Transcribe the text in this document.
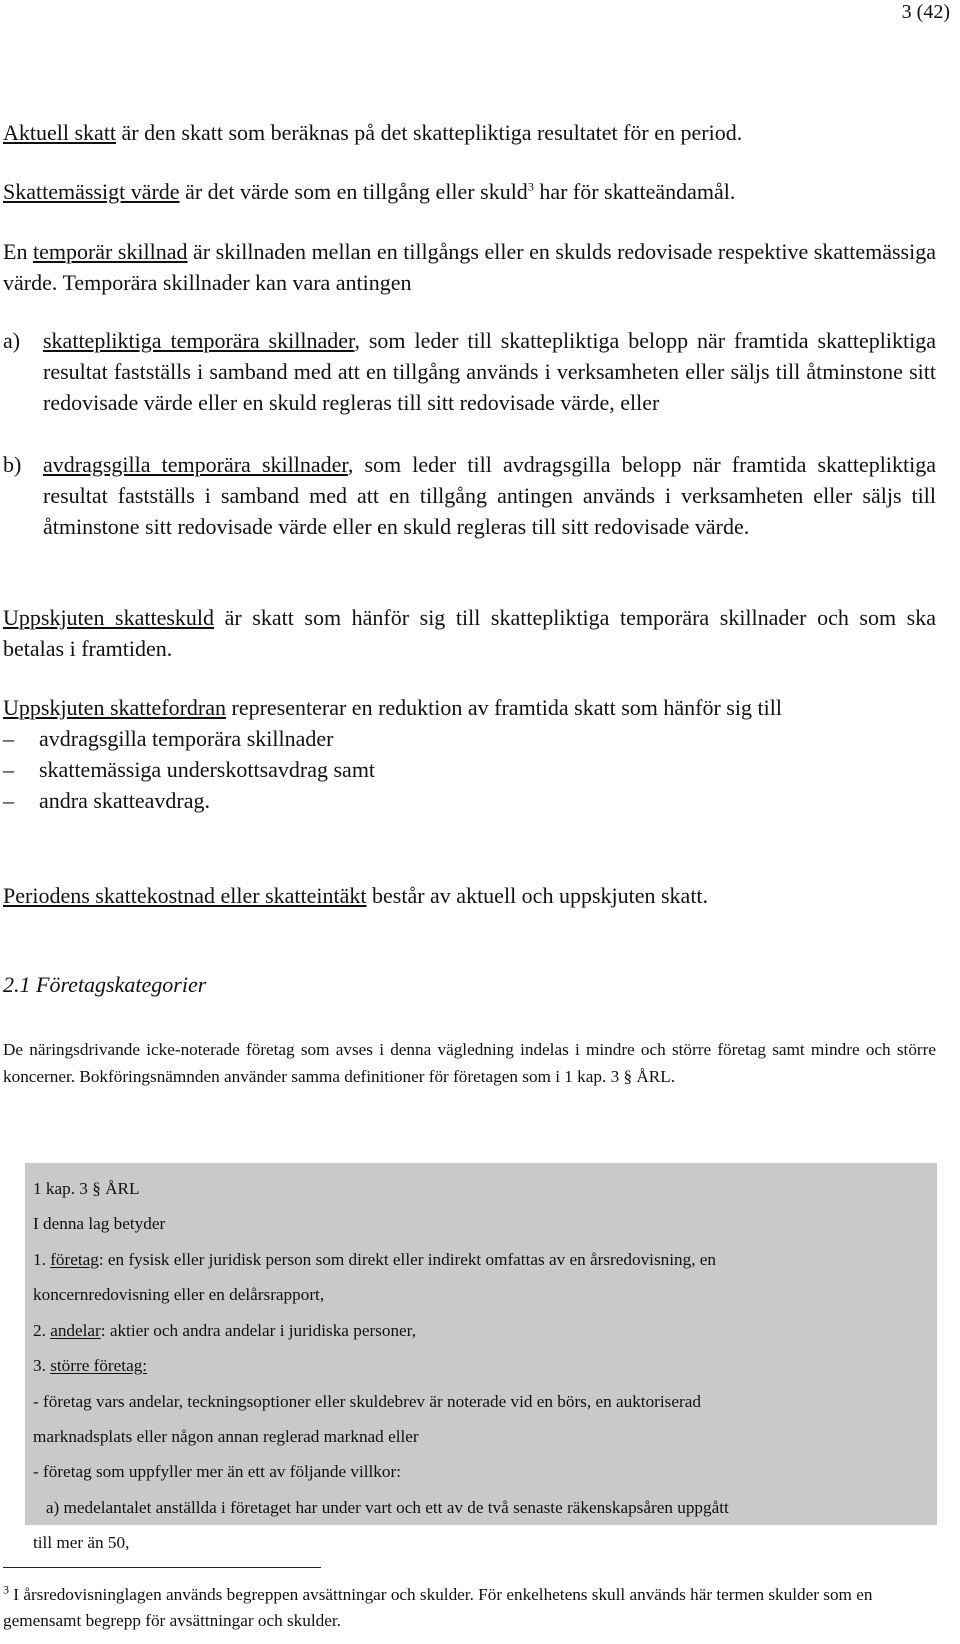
3 (42)

Aktuell skatt är den skatt som beräknas på det skattepliktiga resultatet för en period.

Skattemässigt värde är det värde som en tillgång eller skuld$^3$ har för skatteändamål.

En temporär skillnad är skillnaden mellan en tillgångs eller en skulds redovisade respektive skattemässiga värde. Temporära skillnader kan vara antingen

a)	skattepliktiga temporära skillnader, som leder till skattepliktiga belopp när framtida skattepliktiga resultat fastställs i samband med att en tillgång används i verksamheten eller säljs till åtminstone sitt redovisade värde eller en skuld regleras till sitt redovisade värde, eller
b) avdragsgilla temporära skillnader, som leder till avdragsgilla belopp när framtida skattepliktiga resultat fastställs i samband med att en tillgång antingen används i verksamheten eller säljs till åtminstone sitt redovisade värde eller en skuld regleras till sitt redovisade värde.

Uppskjuten skatteskuld är skatt som hänför sig till skattepliktiga temporära skillnader och som ska betalas i framtiden.

Uppskjuten skattefordran representerar en reduktion av framtida skatt som hänför sig till

– avdragsgilla temporära skillnader
– skattemässiga underskottsavdrag samt
– andra skatteavdrag.

Periodens skattekostnad eller skatteintäkt består av aktuell och uppskjuten skatt.

2.1 Företagskategorier
De näringsdrivande icke-noterade företag som avses i denna vägledning indelas i mindre och större företag samt mindre och större koncerner. Bokföringsnämnden använder samma definitioner för företagen som i 1 kap. 3 § ÅRL.
1 kap. 3 § ÅRL
I denna lag betyder
1. företag: en fysisk eller juridisk person som direkt eller indirekt omfattas av en årsredovisning, en
koncernredovisning eller en delårsrapport,
2. andelar: aktier och andra andelar i juridiska personer,
3. större företag:
- företag vars andelar, teckningsoptioner eller skuldebrev är noterade vid en börs, en auktoriserad
marknadsplats eller någon annan reglerad marknad eller
- företag som uppfyller mer än ett av följande villkor:
a) medelantalet anställda i företaget har under vart och ett av de två senaste räkenskapsåren uppgått
till mer än 50,
$^3$ I årsredovisninglagen används begreppen avsättningar och skulder. För enkelhetens skull används här termen skulder som en gemensamt begrepp för avsättningar och skulder.
